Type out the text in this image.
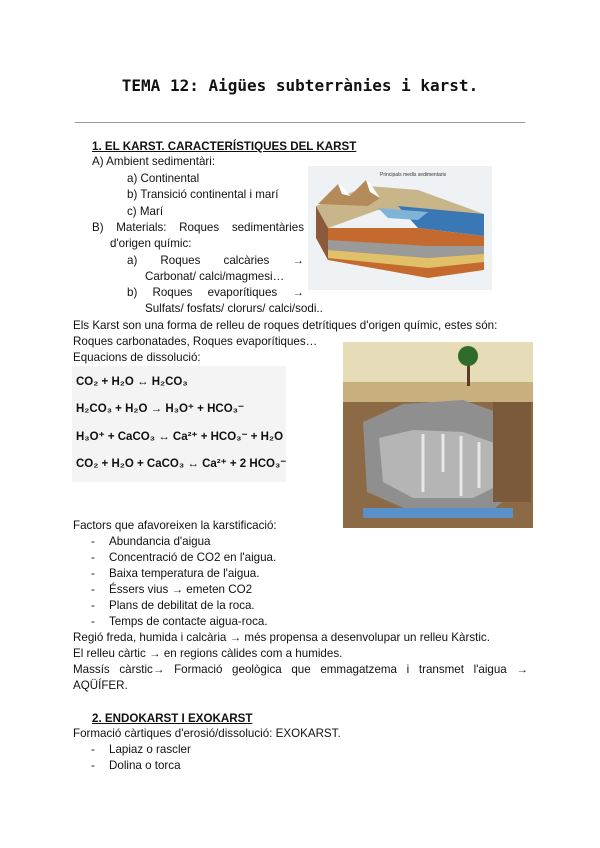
TEMA 12: Aigües subterrànies i karst.
1. EL KARST. CARACTERÍSTIQUES DEL KARST
A) Ambient sedimentàri:
a) Continental
b) Transició continental i marí
c) Marí
B) Materials: Roques sedimentàries
d'origen químic:
a) Roques calcàries →
Carbonat/ calci/magmesi…
b) Roques evaporítiques →
Sulfats/ fosfats/ clorurs/ calci/sodi..
Principals medis sedimentaris
Els Karst son una forma de relleu de roques detrítiques d'origen químic, estes són:
Roques carbonatades, Roques evaporítiques…
Equacions de dissolució:
CO₂ + H₂O ↔ H₂CO₃
H₂CO₃ + H₂O → H₃O⁺ + HCO₃⁻
H₃O⁺ + CaCO₃ ↔ Ca²⁺ + HCO₃⁻ + H₂O
CO₂ + H₂O + CaCO₃ ↔ Ca²⁺ + 2 HCO₃⁻
Factors que afavoreixen la karstificació:
- Abundancia d'aigua
- Concentració de CO2 en l'aigua.
- Baixa temperatura de l'aigua.
- Éssers vius → emeten CO2
- Plans de debilitat de la roca.
- Temps de contacte aigua-roca.
Regió freda, humida i calcària → més propensa a desenvolupar un relleu Kàrstic.
El relleu càrtic → en regions càlides com a humides.
Massís càrstic→ Formació geològica que emmagatzema i transmet l'aigua →
AQÜÍFER.
2. ENDOKARST I EXOKARST
Formació càrtiques d'erosió/dissolució: EXOKARST.
- Lapiaz o rascler
- Dolina o torca
